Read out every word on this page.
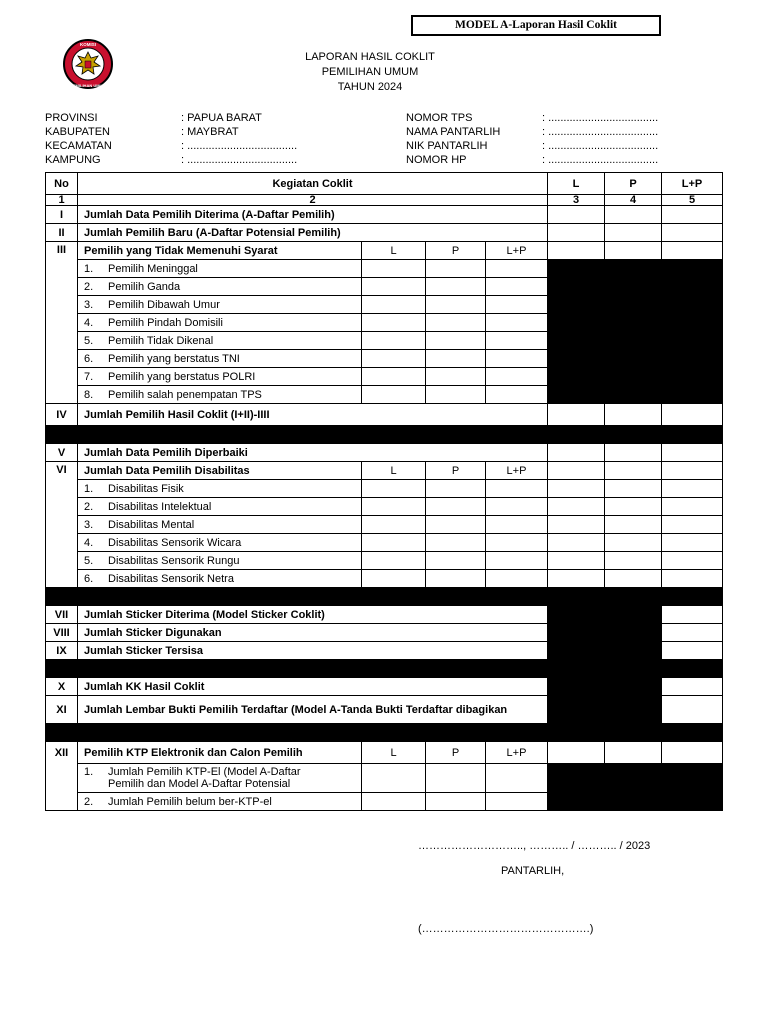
MODEL A-Laporan Hasil Coklit
KOMISI
PEMILIHAN UMUM
LAPORAN HASIL COKLIT
PEMILIHAN UMUM
TAHUN 2024
PROVINSI	: PAPUA BARAT
KABUPATEN	: MAYBRAT
KECAMATAN	: ....................................
KAMPUNG	: ....................................
NOMOR TPS	: ....................................
NAMA PANTARLIH	: ....................................
NIK PANTARLIH	: ....................................
NOMOR HP	: ....................................
No	Kegiatan Coklit				L	P	L+P
1	2				3	4	5
I	Jumlah Data Pemilih Diterima (A-Daftar Pemilih)						
II	Jumlah Pemilih Baru (A-Daftar Potensial Pemilih)						
III	Pemilih yang Tidak Memenuhi Syarat	L	P	L+P			
	1. Pemilih Meninggal						
	2. Pemilih Ganda						
	3. Pemilih Dibawah Umur						
	4. Pemilih Pindah Domisili						
	5. Pemilih Tidak Dikenal						
	6. Pemilih yang berstatus TNI						
	7. Pemilih yang berstatus POLRI						
	8. Pemilih salah penempatan TPS						
IV	Jumlah Pemilih Hasil Coklit (I+II)-IIII						

V	Jumlah Data Pemilih Diperbaiki						
VI	Jumlah Data Pemilih Disabilitas	L	P	L+P			
	1. Disabilitas Fisik						
	2. Disabilitas Intelektual						
	3. Disabilitas Mental						
	4. Disabilitas Sensorik Wicara						
	5. Disabilitas Sensorik Rungu						
	6. Disabilitas Sensorik Netra						

VII	Jumlah Sticker Diterima (Model Sticker Coklit)						
VIII	Jumlah Sticker Digunakan						
IX	Jumlah Sticker Tersisa						

X	Jumlah KK Hasil Coklit						
XI	Jumlah Lembar Bukti Pemilih Terdaftar (Model A-Tanda Bukti Terdaftar dibagikan						

XII	Pemilih KTP Elektronik dan Calon Pemilih	L	P	L+P			
	1. Jumlah Pemilih KTP-El (Model A-Daftar
Pemilih dan Model A-Daftar Potensial						
	2. Jumlah Pemilih belum ber-KTP-el						
……………………….., ……….. / ……….. / 2023
PANTARLIH,
(……………………………………….)
